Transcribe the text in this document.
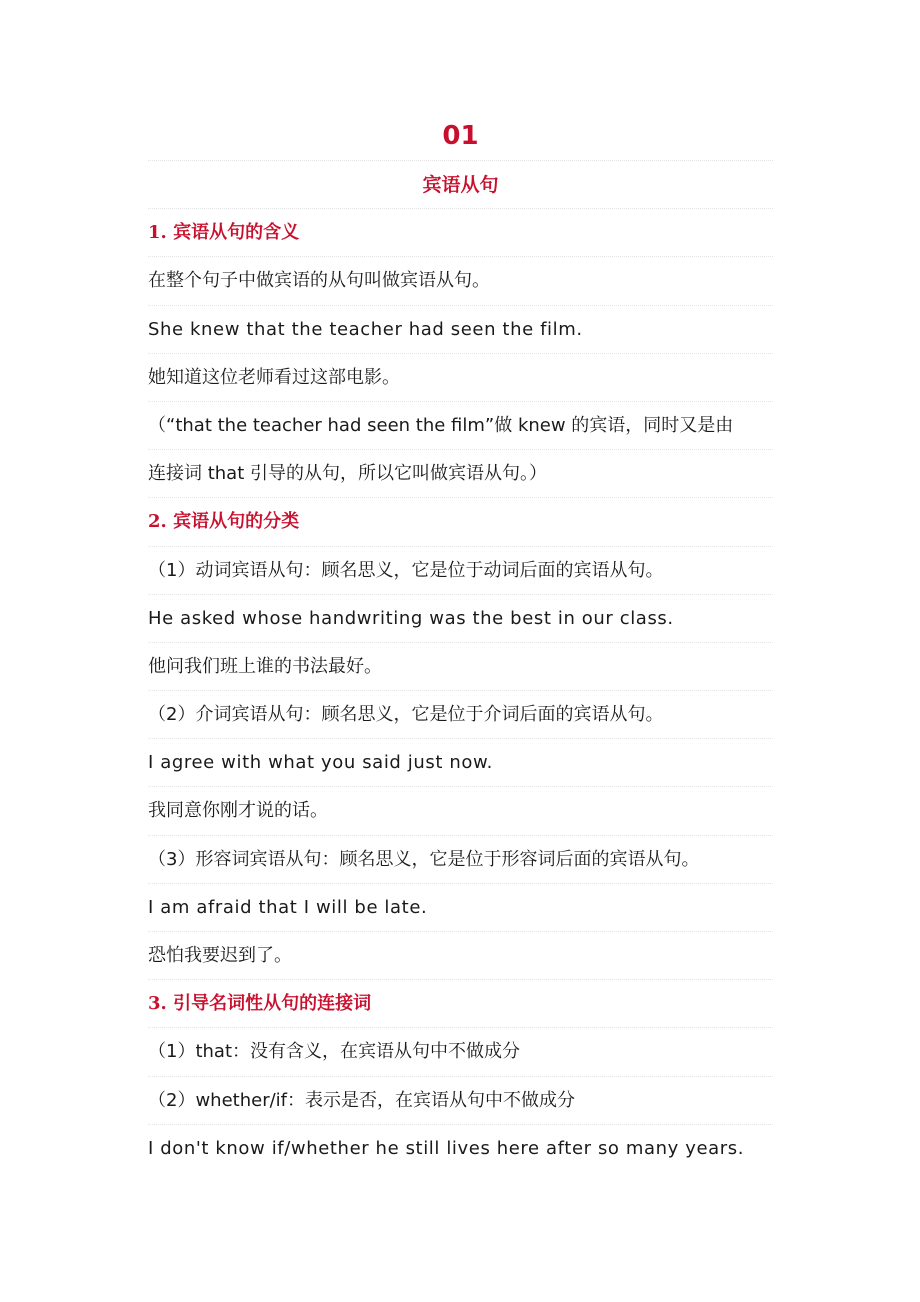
01
宾语从句
1. 宾语从句的含义
在整个句子中做宾语的从句叫做宾语从句。
She knew that the teacher had seen the film.
她知道这位老师看过这部电影。
（“that the teacher had seen the film”做 knew 的宾语，同时又是由
连接词 that 引导的从句，所以它叫做宾语从句。）
2. 宾语从句的分类
（1）动词宾语从句：顾名思义，它是位于动词后面的宾语从句。
He asked whose handwriting was the best in our class.
他问我们班上谁的书法最好。
（2）介词宾语从句：顾名思义，它是位于介词后面的宾语从句。
I agree with what you said just now.
我同意你刚才说的话。
（3）形容词宾语从句：顾名思义，它是位于形容词后面的宾语从句。
I am afraid that I will be late.
恐怕我要迟到了。
3. 引导名词性从句的连接词
（1）that：没有含义，在宾语从句中不做成分
（2）whether/if：表示是否，在宾语从句中不做成分
I don't know if/whether he still lives here after so many years.
